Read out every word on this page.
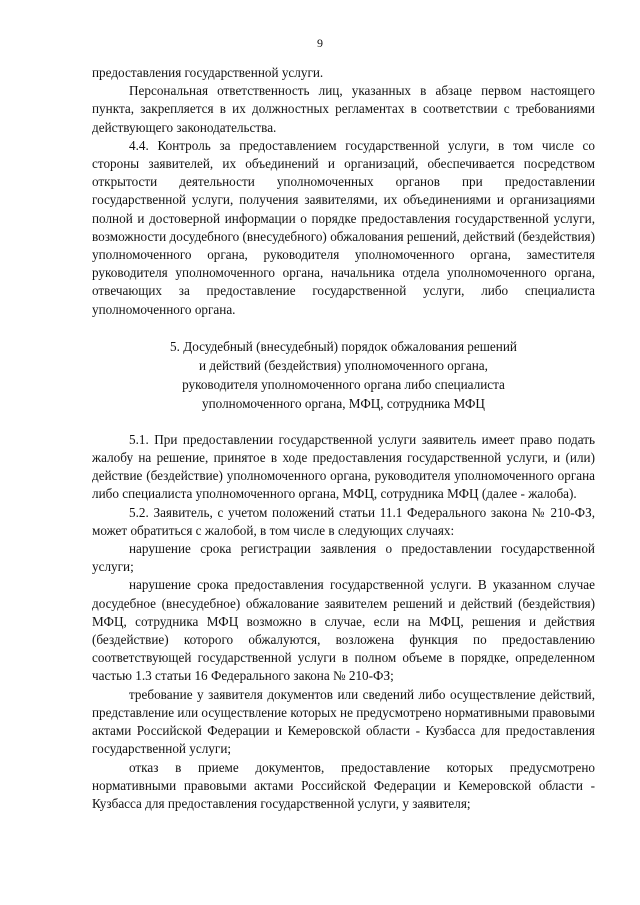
9

предоставления государственной услуги.

Персональная ответственность лиц, указанных в абзаце первом настоящего пункта, закрепляется в их должностных регламентах в соответствии с требованиями действующего законодательства.

4.4. Контроль за предоставлением государственной услуги, в том числе со стороны заявителей, их объединений и организаций, обеспечивается посредством открытости деятельности уполномоченных органов при предоставлении государственной услуги, получения заявителями, их объединениями и организациями полной и достоверной информации о порядке предоставления государственной услуги, возможности досудебного (внесудебного) обжалования решений, действий (бездействия) уполномоченного органа, руководителя уполномоченного органа, заместителя руководителя уполномоченного органа, начальника отдела уполномоченного органа, отвечающих за предоставление государственной услуги, либо специалиста уполномоченного органа.

5. Досудебный (внесудебный) порядок обжалования решений
и действий (бездействия) уполномоченного органа,
руководителя уполномоченного органа либо специалиста
уполномоченного органа, МФЦ, сотрудника МФЦ

5.1. При предоставлении государственной услуги заявитель имеет право подать жалобу на решение, принятое в ходе предоставления государственной услуги, и (или) действие (бездействие) уполномоченного органа, руководителя уполномоченного органа либо специалиста уполномоченного органа, МФЦ, сотрудника МФЦ (далее - жалоба).

5.2. Заявитель, с учетом положений статьи 11.1 Федерального закона № 210-ФЗ, может обратиться с жалобой, в том числе в следующих случаях:

нарушение срока регистрации заявления о предоставлении государственной услуги;

нарушение срока предоставления государственной услуги. В указанном случае досудебное (внесудебное) обжалование заявителем решений и действий (бездействия) МФЦ, сотрудника МФЦ возможно в случае, если на МФЦ, решения и действия (бездействие) которого обжалуются, возложена функция по предоставлению соответствующей государственной услуги в полном объеме в порядке, определенном частью 1.3 статьи 16 Федерального закона № 210-ФЗ;

требование у заявителя документов или сведений либо осуществление действий, представление или осуществление которых не предусмотрено нормативными правовыми актами Российской Федерации и Кемеровской области - Кузбасса для предоставления государственной услуги;

отказ в приеме документов, предоставление которых предусмотрено нормативными правовыми актами Российской Федерации и Кемеровской области - Кузбасса для предоставления государственной услуги, у заявителя;
